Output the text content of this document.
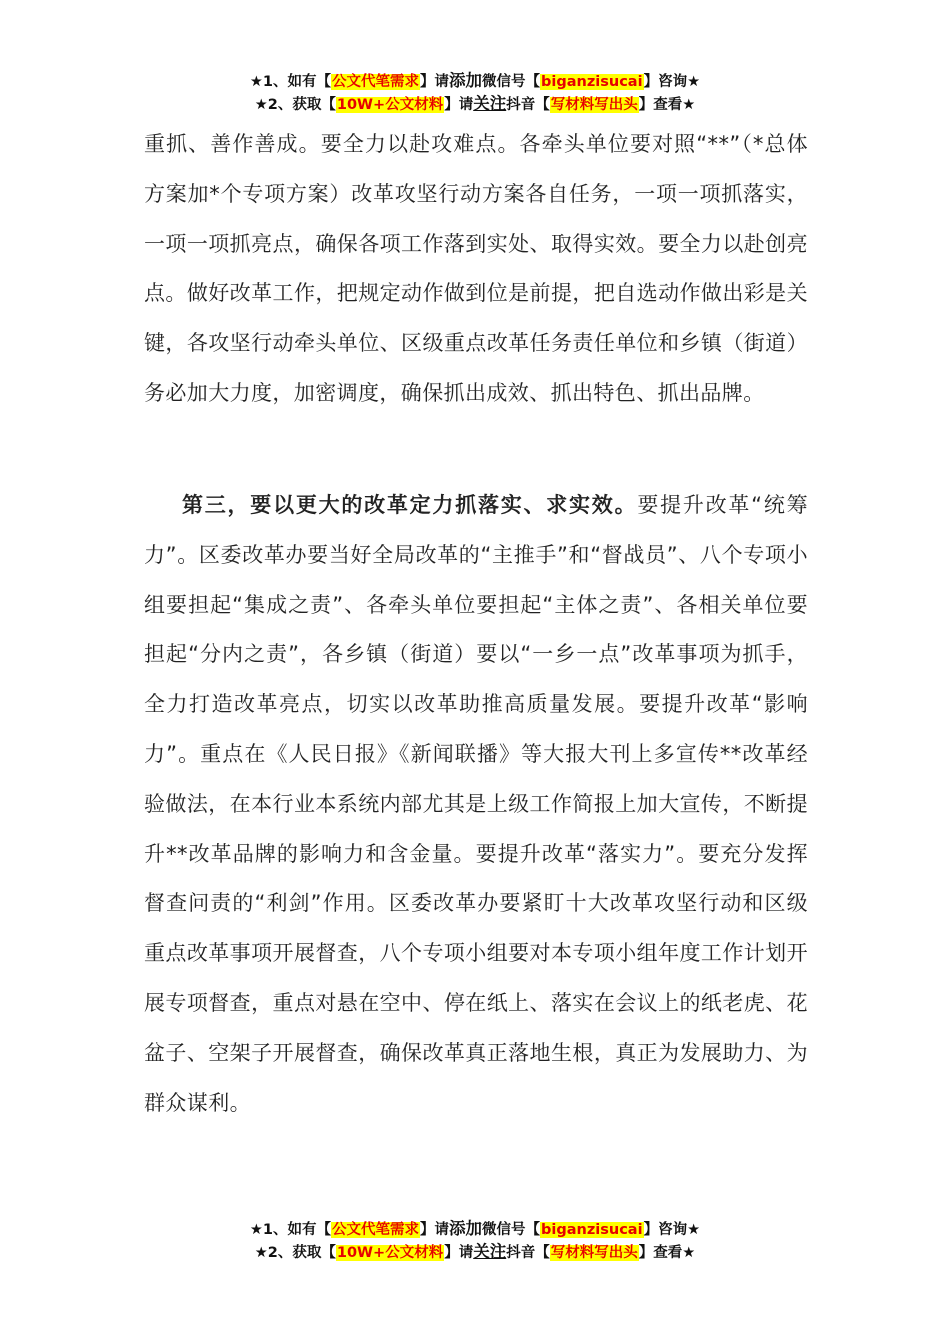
★1、如有【公文代笔需求】请添加微信号【biganzisucai】咨询★
★2、获取【10W+公文材料】请关注抖音【写材料写出头】查看★

重抓、善作善成。要全力以赴攻难点。各牵头单位要对照“**”（*总体方案加*个专项方案）改革攻坚行动方案各自任务，一项一项抓落实，一项一项抓亮点，确保各项工作落到实处、取得实效。要全力以赴创亮点。做好改革工作，把规定动作做到位是前提，把自选动作做出彩是关键，各攻坚行动牵头单位、区级重点改革任务责任单位和乡镇（街道）务必加大力度，加密调度，确保抓出成效、抓出特色、抓出品牌。

第三，要以更大的改革定力抓落实、求实效。要提升改革“统筹力”。区委改革办要当好全局改革的“主推手”和“督战员”、八个专项小组要担起“集成之责”、各牵头单位要担起“主体之责”、各相关单位要担起“分内之责”，各乡镇（街道）要以“一乡一点”改革事项为抓手，全力打造改革亮点，切实以改革助推高质量发展。要提升改革“影响力”。重点在《人民日报》《新闻联播》等大报大刊上多宣传**改革经验做法，在本行业本系统内部尤其是上级工作简报上加大宣传，不断提升**改革品牌的影响力和含金量。要提升改革“落实力”。要充分发挥督查问责的“利剑”作用。区委改革办要紧盯十大改革攻坚行动和区级重点改革事项开展督查，八个专项小组要对本专项小组年度工作计划开展专项督查，重点对悬在空中、停在纸上、落实在会议上的纸老虎、花盆子、空架子开展督查，确保改革真正落地生根，真正为发展助力、为群众谋利。

★1、如有【公文代笔需求】请添加微信号【biganzisucai】咨询★
★2、获取【10W+公文材料】请关注抖音【写材料写出头】查看★
